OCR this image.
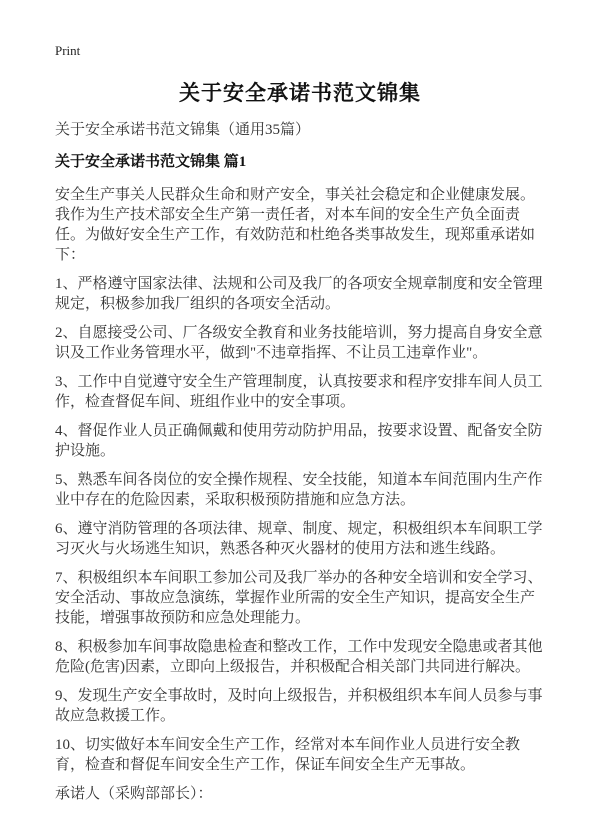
Print
关于安全承诺书范文锦集

关于安全承诺书范文锦集（通用35篇）

关于安全承诺书范文锦集 篇1

安全生产事关人民群众生命和财产安全，事关社会稳定和企业健康发展。我作为生产技术部安全生产第一责任者，对本车间的安全生产负全面责任。为做好安全生产工作，有效防范和杜绝各类事故发生，现郑重承诺如下：

1、严格遵守国家法律、法规和公司及我厂的各项安全规章制度和安全管理规定，积极参加我厂组织的各项安全活动。

2、自愿接受公司、厂各级安全教育和业务技能培训，努力提高自身安全意识及工作业务管理水平，做到"不违章指挥、不让员工违章作业"。

3、工作中自觉遵守安全生产管理制度，认真按要求和程序安排车间人员工作，检查督促车间、班组作业中的安全事项。

4、督促作业人员正确佩戴和使用劳动防护用品，按要求设置、配备安全防护设施。

5、熟悉车间各岗位的安全操作规程、安全技能，知道本车间范围内生产作业中存在的危险因素，采取积极预防措施和应急方法。

6、遵守消防管理的各项法律、规章、制度、规定，积极组织本车间职工学习灭火与火场逃生知识，熟悉各种灭火器材的使用方法和逃生线路。

7、积极组织本车间职工参加公司及我厂举办的各种安全培训和安全学习、安全活动、事故应急演练，掌握作业所需的安全生产知识，提高安全生产技能，增强事故预防和应急处理能力。

8、积极参加车间事故隐患检查和整改工作，工作中发现安全隐患或者其他危险(危害)因素，立即向上级报告，并积极配合相关部门共同进行解决。

9、发现生产安全事故时，及时向上级报告，并积极组织本车间人员参与事故应急救援工作。

10、切实做好本车间安全生产工作，经常对本车间作业人员进行安全教育，检查和督促车间安全生产工作，保证车间安全生产无事故。

承诺人（采购部部长）：
